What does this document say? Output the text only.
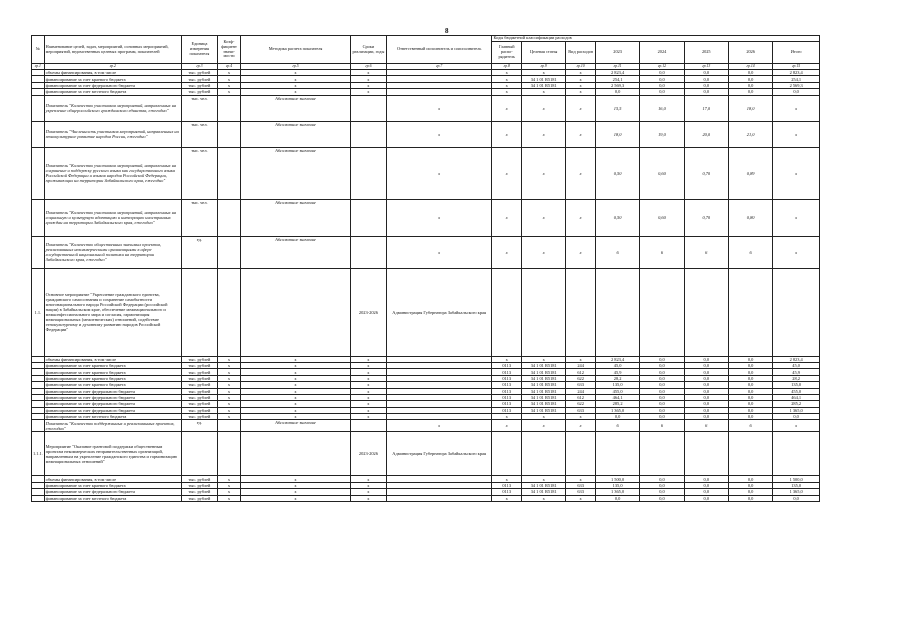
8
№	Наименование целей, задач, мероприятий, основных мероприятий, мероприятий, ведомственных целевых программ, показателей	Единица измерения показателя	Коэф- фициент значи- мости	Методика расчета показателя	Сроки реализации, годы	Ответственный исполнитель и соисполнитель	Коды бюджетной классификации расходов							
							Главный распо- рядитель	Целевая статья	Вид расходов	2023	2024	2025	2026	Итого
гр.1	гр.2	гр.3	гр.4	гр.5	гр.6	гр.7	гр.8	гр.9	гр.10	гр.11	гр.12	гр.13	гр.14	гр.15
	объемы финансирования, в том числе	тыс. рублей	х	х	х		х	х	х	2 823,4	0,0	0,0	0,0	2 823,4
	финансирование за счет краевого бюджета	тыс. рублей	х	х	х		х	34 1 01 R5181	х	254,1	0,0	0,0	0,0	254,1
	финансирование за счет федерального бюджета	тыс. рублей	х	х	х		х	34 1 01 R5181	х	2 569,3	0,0	0,0	0,0	2 569,3
	финансирование за счет местного бюджета	тыс. рублей	х	х	х		х	х	х	0,0	0,0	0,0	0,0	0,0
	Показатель "Количество участников мероприятий, направленных на укрепление общероссийского гражданского единства, ежегодно"	тыс. чел.		Абсолютное значение		х	х	х	х	15,5	16,0	17,0	18,0	х
	Показатель "Численность участников мероприятий, направленных на этнокультурное развитие народов России, ежегодно"	тыс. чел.		Абсолютное значение		х	х	х	х	18,0	19,0	20,0	21,0	х
	Показатель "Количество участников мероприятий, направленных на сохранение и поддержку русского языка как государственного языка Российской Федерации и языков народов Российской Федерации, проживающих на территории Забайкальского края, ежегодно"	тыс. чел.		Абсолютное значение		х	х	х	х	0,50	0,60	0,70	0,89	х
	Показатель "Количество участников мероприятий, направленных на социальную и культурную адаптацию и интеграцию иностранных граждан на территории Забайкальского края, ежегодно"	тыс. чел.		Абсолютное значение		х	х	х	х	0,50	0,60	0,70	0,80	х
	Показатель "Количество общественных значимых проектов, реализованных некоммерческими организациями в сфере государственной национальной политики на территории Забайкальского края, ежегодно"	ед.		Абсолютное значение		х	х	х	х	6	6	6	6	х
1.1.	Основное мероприятие "Укрепление гражданского единства, гражданского самосознания и сохранение самобытности многонационального народа Российской Федерации (российской нации) в Забайкальском крае, обеспечение межнационального и межконфессионального мира и согласия, гармонизация межнациональных (межэтнических) отношений, содействие этнокультурному и духовному развитию народов Российской Федерации"				2023-2026	Администрация Губернатора Забайкальского края								
	объемы финансирования, в том числе	тыс. рублей	х	х	х		х	х	х	2 823,4	0,0	0,0	0,0	2 823,4
	финансирование за счет краевого бюджета	тыс. рублей	х	х	х		0113	34 1 01 R5181	244	45,0	0,0	0,0	0,0	45,0
	финансирование за счет краевого бюджета	тыс. рублей	х	х	х		0113	34 1 01 R5181	612	45,9	0,0	0,0	0,0	45,9
	финансирование за счет краевого бюджета	тыс. рублей	х	х	х		0113	34 1 01 R5181	622	28,2	0,0	0,0	0,0	28,2
	финансирование за счет краевого бюджета	тыс. рублей	х	х	х		0113	34 1 01 R5181	633	135,0	0,0	0,0	0,0	135,0
	финансирование за счет федерального бюджета	тыс. рублей	х	х	х		0113	34 1 01 R5181	244	455,0	0,0	0,0	0,0	455,0
	финансирование за счет федерального бюджета	тыс. рублей	х	х	х		0113	34 1 01 R5181	612	464,1	0,0	0,0	0,0	464,1
	финансирование за счет федерального бюджета	тыс. рублей	х	х	х		0113	34 1 01 R5181	622	285,2	0,0	0,0	0,0	285,2
	финансирование за счет федерального бюджета	тыс. рублей	х	х	х		0113	34 1 01 R5181	633	1 365,0	0,0	0,0	0,0	1 365,0
	финансирование за счет местного бюджета	тыс. рублей	х	х	х		х	х	х	0,0	0,0	0,0	0,0	0,0
	Показатель "Количество поддержанных и реализованных проектов, ежегодно"	ед.		Абсолютное значение		х	х	х	х	6	6	6	6	х
1.1.1.	Мероприятие "Оказание грантовой поддержки общественным проектам некоммерческих неправительственных организаций, направленным на укрепление гражданского единства и гармонизацию межнациональных отношений"				2023-2026	Администрация Губернатора Забайкальского края								
	объемы финансирования, в том числе	тыс. рублей	х	х	х		х	х	х	1 500,0	0,0	0,0	0,0	1 500,0
	финансирование за счет краевого бюджета	тыс. рублей	х	х	х		0113	34 1 01 R5181	633	135,0	0,0	0,0	0,0	135,0
	финансирование за счет федерального бюджета	тыс. рублей	х	х	х		0113	34 1 01 R5181	633	1 365,0	0,0	0,0	0,0	1 365,0
	финансирование за счет местного бюджета	тыс. рублей	х	х	х		х	х	х	0,0	0,0	0,0	0,0	0,0
